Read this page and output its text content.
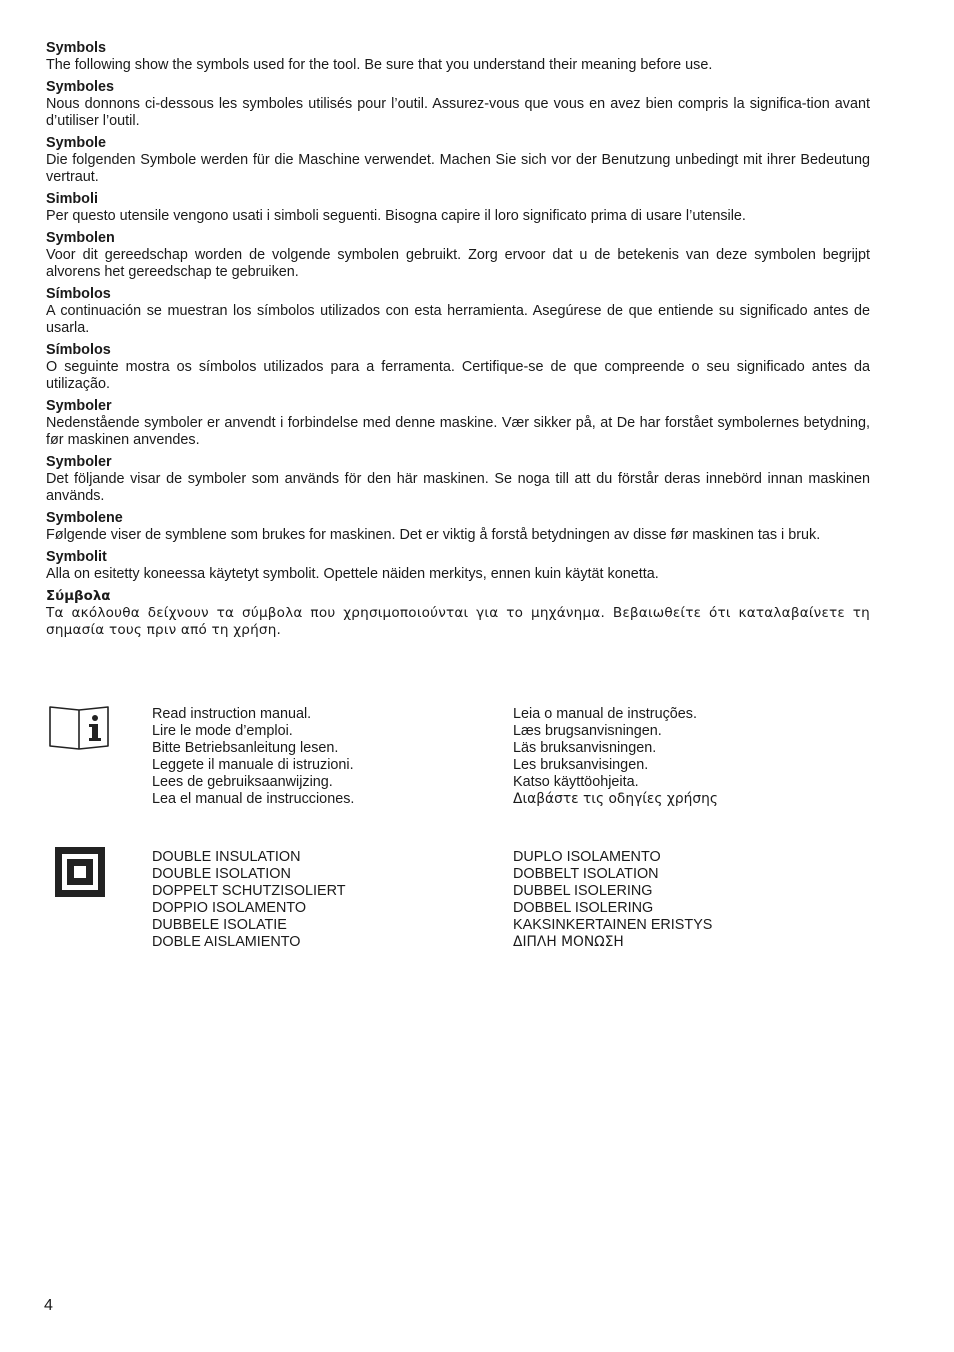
Symbols

The following show the symbols used for the tool. Be sure that you understand their meaning before use.

Symboles

Nous donnons ci-dessous les symboles utilisés pour l’outil. Assurez-vous que vous en avez bien compris la significa-tion avant d’utiliser l’outil.

Symbole

Die folgenden Symbole werden für die Maschine verwendet. Machen Sie sich vor der Benutzung unbedingt mit ihrer Bedeutung vertraut.

Simboli

Per questo utensile vengono usati i simboli seguenti. Bisogna capire il loro significato prima di usare l’utensile.

Symbolen

Voor dit gereedschap worden de volgende symbolen gebruikt. Zorg ervoor dat u de betekenis van deze symbolen begrijpt alvorens het gereedschap te gebruiken.

Símbolos

A continuación se muestran los símbolos utilizados con esta herramienta. Asegúrese de que entiende su significado antes de usarla.

Símbolos

O seguinte mostra os símbolos utilizados para a ferramenta. Certifique-se de que compreende o seu significado antes da utilização.

Symboler

Nedenstående symboler er anvendt i forbindelse med denne maskine. Vær sikker på, at De har forstået symbolernes betydning, før maskinen anvendes.

Symboler

Det följande visar de symboler som används för den här maskinen. Se noga till att du förstår deras innebörd innan maskinen används.

Symbolene

Følgende viser de symblene som brukes for maskinen. Det er viktig å forstå betydningen av disse før maskinen tas i bruk.

Symbolit

Alla on esitetty koneessa käytetyt symbolit. Opettele näiden merkitys, ennen kuin käytät konetta.

Σύμβολα

Τα ακόλουθα δείχνουν τα σύμβολα που χρησιμοποιούνται για το μηχάνημα. Βεβαιωθείτε ότι καταλαβαίνετε τη σημασία τους πριν από τη χρήση.

Read instruction manual.
Lire le mode d’emploi.
Bitte Betriebsanleitung lesen.
Leggete il manuale di istruzioni.
Lees de gebruiksaanwijzing.
Lea el manual de instrucciones.
Leia o manual de instruções.
Læs brugsanvisningen.
Läs bruksanvisningen.
Les bruksanvisingen.
Katso käyttöohjeita.
Διαβάστε τις οδηγίες χρήσης
DOUBLE INSULATION
DOUBLE ISOLATION
DOPPELT SCHUTZISOLIERT
DOPPIO ISOLAMENTO
DUBBELE ISOLATIE
DOBLE AISLAMIENTO
DUPLO ISOLAMENTO
DOBBELT ISOLATION
DUBBEL ISOLERING
DOBBEL ISOLERING
KAKSINKERTAINEN ERISTYS
ΔΙΠΛΗ ΜΟΝΩΣΗ
4
